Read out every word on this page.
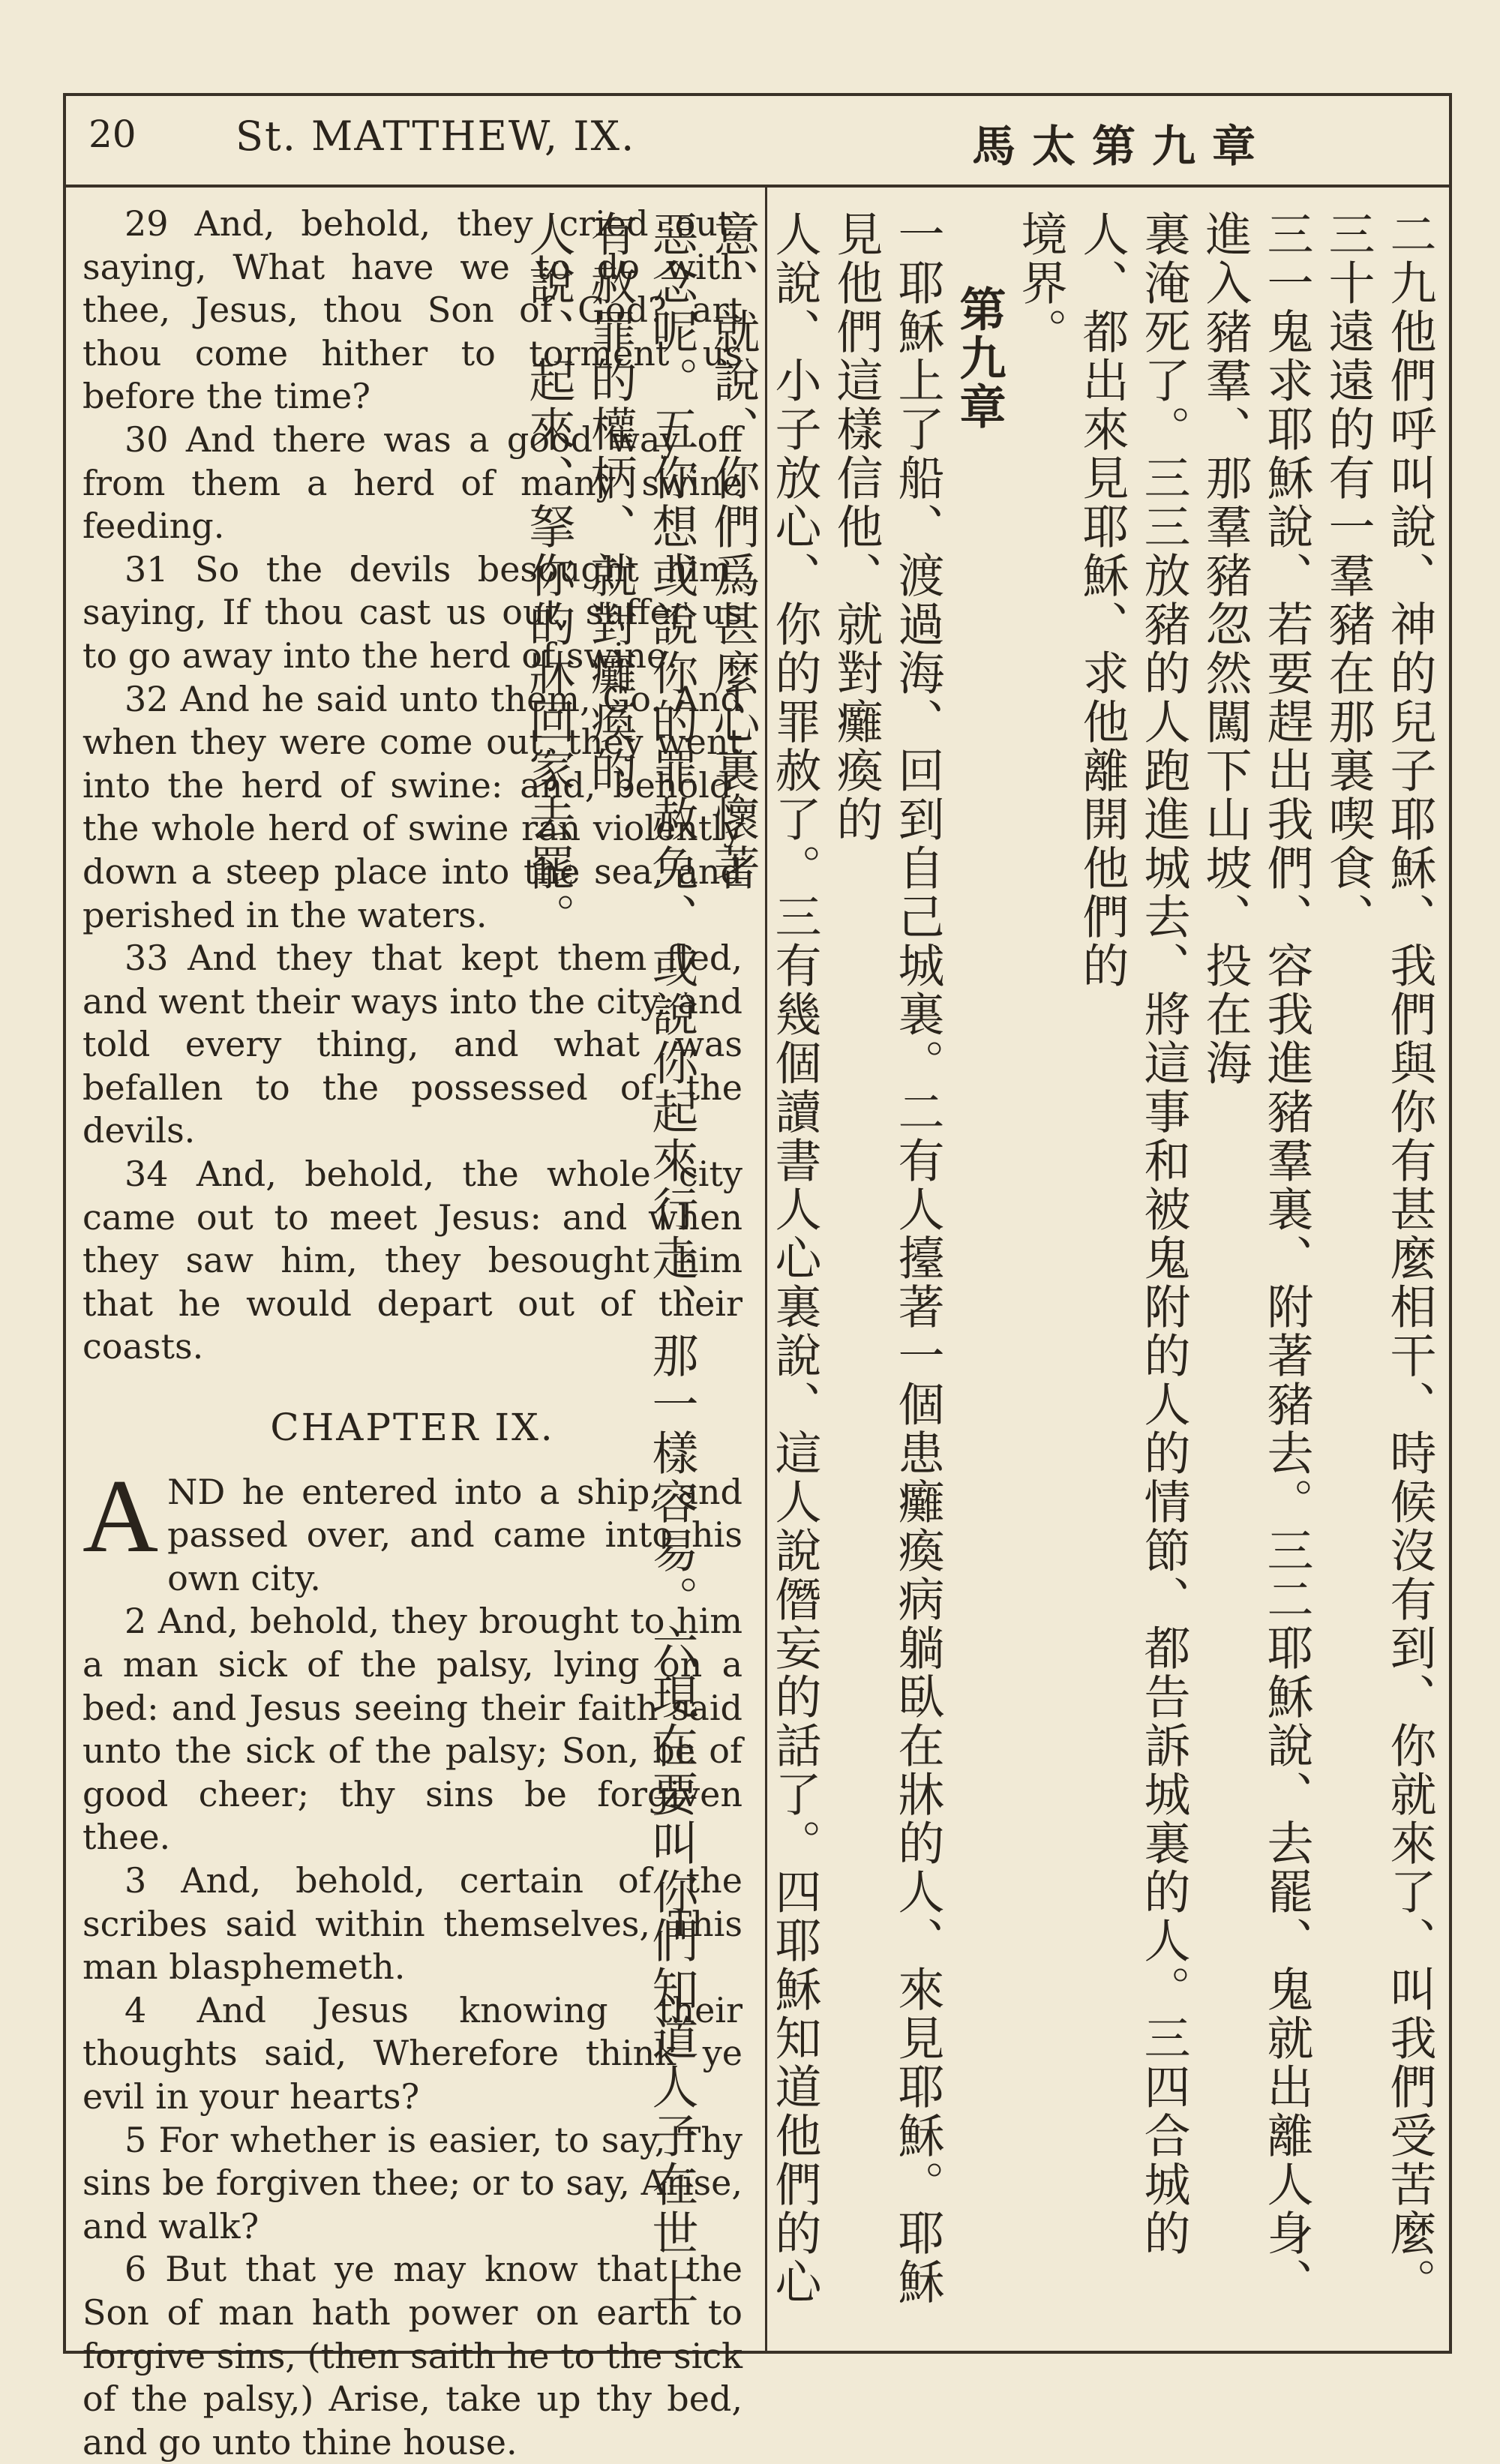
20 St. MATTHEW, IX.	馬太第九章

29 And, behold, they cried out, saying, What have we to do with thee, Jesus, thou Son of God? art thou come hither to torment us before the time?

30 And there was a good way off from them a herd of many swine feeding.

31 So the devils besought him, saying, If thou cast us out, suffer us to go away into the herd of swine.

32 And he said unto them, Go. And when they were come out, they went into the herd of swine: and, behold, the whole herd of swine ran violently down a steep place into the sea, and perished in the waters.

33 And they that kept them fled, and went their ways into the city, and told every thing, and what was befallen to the possessed of the devils.

34 And, behold, the whole city came out to meet Jesus: and when they saw him, they besought him that he would depart out of their coasts.

CHAPTER IX.

AND he entered into a ship, and passed over, and came into his own city.

2 And, behold, they brought to him a man sick of the palsy, lying on a bed: and Jesus seeing their faith said unto the sick of the palsy; Son, be of good cheer; thy sins be forgiven thee.

3 And, behold, certain of the scribes said within themselves, This man blasphemeth.

4 And Jesus knowing their thoughts said, Wherefore think ye evil in your hearts?

5 For whether is easier, to say, Thy sins be forgiven thee; or to say, Arise, and walk?

6 But that ye may know that the Son of man hath power on earth to forgive sins, (then saith he to the sick of the palsy,) Arise, take up thy bed, and go unto thine house.

二九他們呼叫說、神的兒子耶穌、我們與你有甚麼相干、時候沒有到、你就來了、叫我們受苦麼。三十遠遠的有一羣豬在那裏喫食、
三一鬼求耶穌說、若要趕出我們、容我進豬羣裏、附著豬去。三二耶穌說、去罷、鬼就出離人身、進入豬羣、那羣豬忽然闖下山坡、投在海
裏淹死了。三三放豬的人跑進城去、將這事和被鬼附的人的情節、都告訴城裏的人。三四合城的人、都出來見耶穌、求他離開他們的
境界。
第九章
一耶穌上了船、渡過海、回到自己城裏。二有人擡著一個患癱瘓病躺臥在牀的人、來見耶穌。耶穌見他們這樣信他、就對癱瘓的
人說、小子放心、你的罪赦了。三有幾個讀書人心裏說、這人說僭妄的話了。四耶穌知道他們的心意、就說、你們爲甚麼心裏懷著
惡念呢。五你想或說你的罪赦免、或說你起來行走、那一樣容易。六現在要叫你們知道人子在世上有赦罪的權柄、就對癱瘓的
人說、起來、拏你的牀回家去罷。
